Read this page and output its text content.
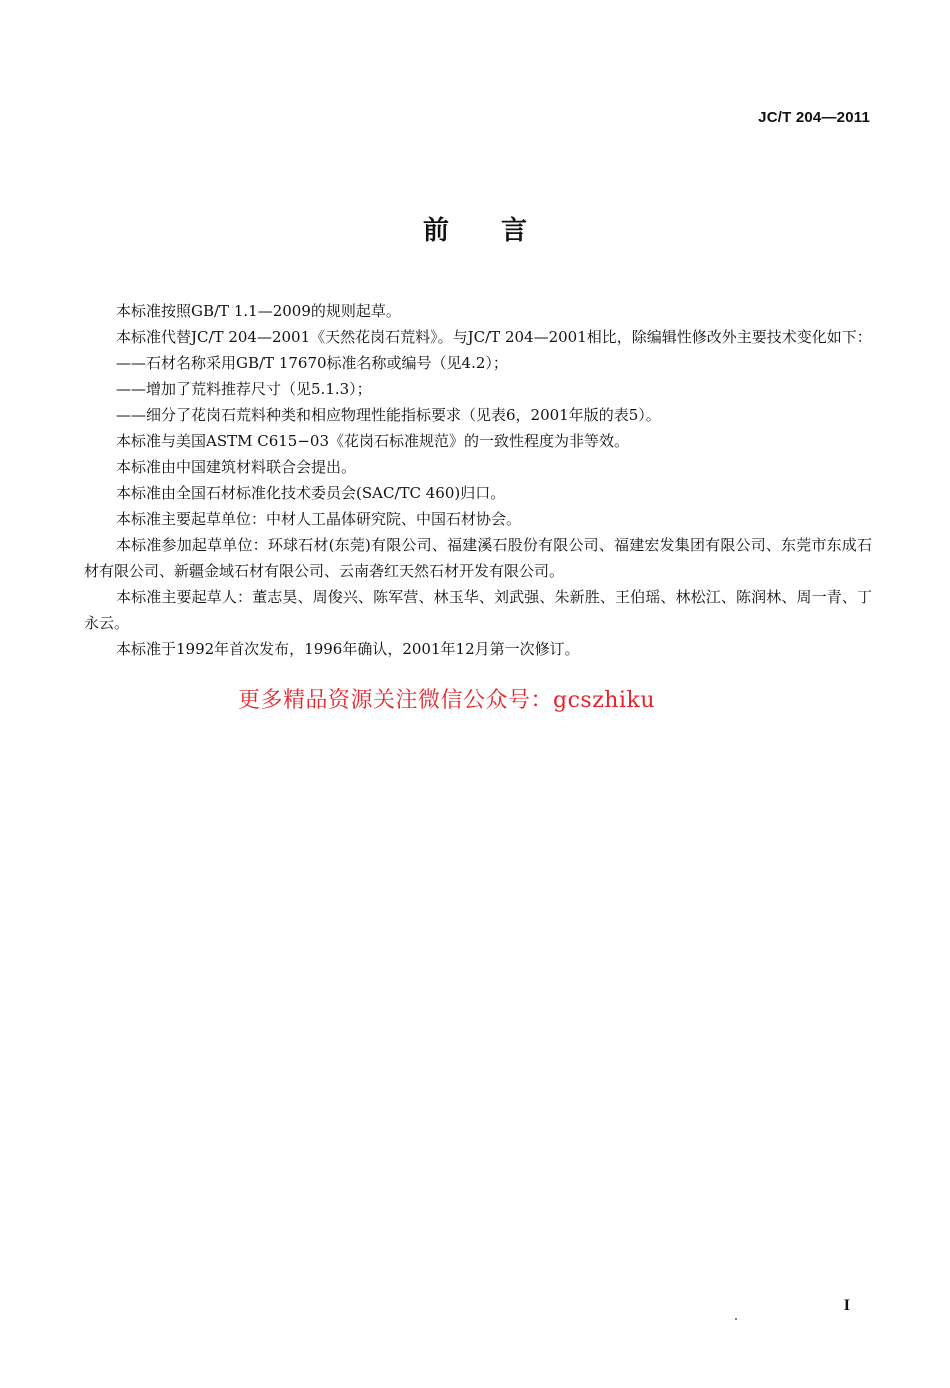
JC/T 204—2011
前言

本标准按照GB/T 1.1—2009的规则起草。

本标准代替JC/T 204—2001《天然花岗石荒料》。与JC/T 204—2001相比，除编辑性修改外主要技术变化如下：

——石材名称采用GB/T 17670标准名称或编号（见4.2）；

——增加了荒料推荐尺寸（见5.1.3）；

——细分了花岗石荒料种类和相应物理性能指标要求（见表6，2001年版的表5）。

本标准与美国ASTM C615−03《花岗石标准规范》的一致性程度为非等效。

本标准由中国建筑材料联合会提出。

本标准由全国石材标准化技术委员会(SAC/TC 460)归口。

本标准主要起草单位：中材人工晶体研究院、中国石材协会。

本标准参加起草单位：环球石材(东莞)有限公司、福建溪石股份有限公司、福建宏发集团有限公司、东莞市东成石材有限公司、新疆金域石材有限公司、云南砻红天然石材开发有限公司。

本标准主要起草人：董志昊、周俊兴、陈军营、林玉华、刘武强、朱新胜、王伯瑶、林松江、陈润林、周一青、丁永云。

本标准于1992年首次发布，1996年确认，2001年12月第一次修订。

更多精品资源关注微信公众号：gcszhiku
I
